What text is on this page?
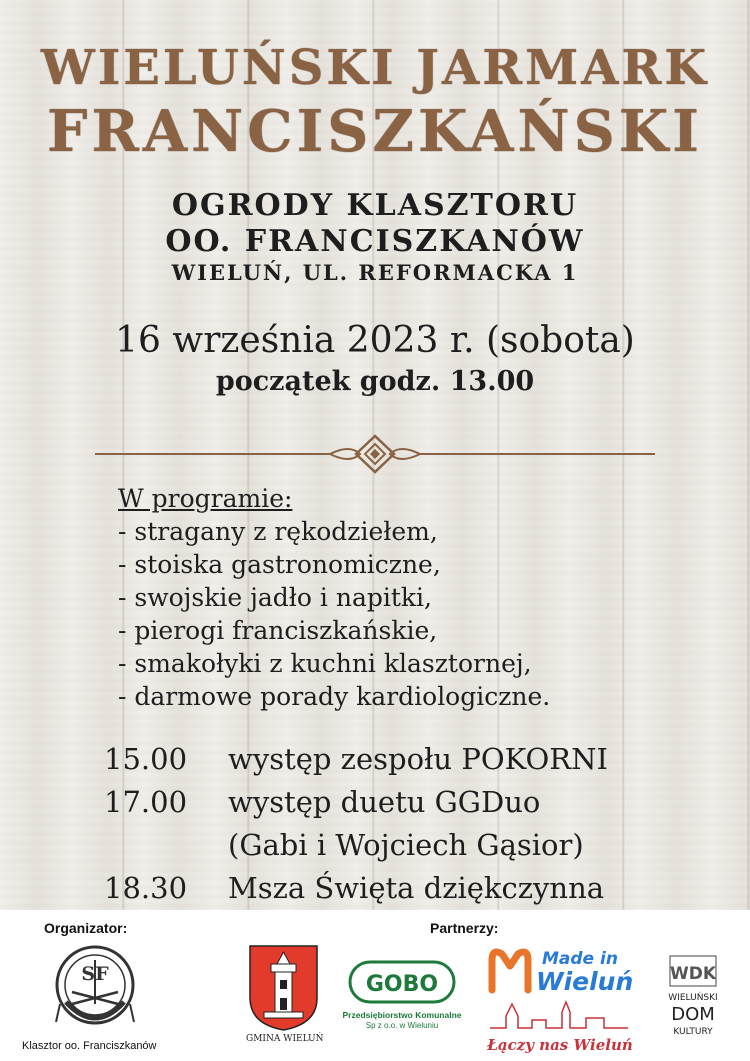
WIELUŃSKI JARMARK
FRANCISZKAŃSKI
OGRODY KLASZTORU
OO. FRANCISZKANÓW
WIELUŃ, UL. REFORMACKA 1
16 września 2023 r. (sobota)
początek godz. 13.00
W programie:
- stragany z rękodziełem,
- stoiska gastronomiczne,
- swojskie jadło i napitki,
- pierogi franciszkańskie,
- smakołyki z kuchni klasztornej,
- darmowe porady kardiologiczne.
15.00 występ zespołu POKORNI
17.00 występ duetu GGDuo
(Gabi i Wojciech Gąsior)
18.30 Msza Święta dziękczynna
Organizator:	Partnerzy:
SF
Klasztor oo. Franciszkanów
GMINA WIELUŃ
GOBO
Przedsiębiorstwo Komunalne
Sp z o.o. w Wieluniu
Made in
Wieluń
Łączy nas Wieluń
WDK
WIELUŃSKI
DOM
KULTURY
